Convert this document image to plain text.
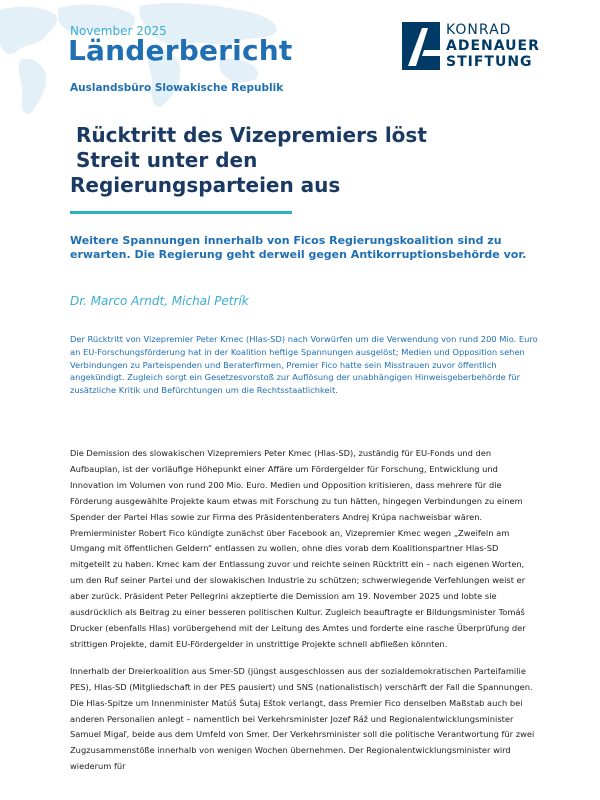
November 2025
Länderbericht
Auslandsbüro Slowakische Republik
KONRAD
ADENAUER
STIFTUNG
Rücktritt des Vizepremiers löst
Streit unter den
Regierungsparteien aus
Weitere Spannungen innerhalb von Ficos Regierungskoalition sind zu erwarten. Die Regierung geht derweil gegen Antikorruptionsbehörde vor.
Dr. Marco Arndt, Michal Petrík
Der Rücktritt von Vizepremier Peter Kmec (Hlas-SD) nach Vorwürfen um die Verwendung von rund 200 Mio. Euro an EU-Forschungsförderung hat in der Koalition heftige Spannungen ausgelöst; Medien und Opposition sehen Verbindungen zu Parteispenden und Beraterfirmen, Premier Fico hatte sein Misstrauen zuvor öffentlich angekündigt. Zugleich sorgt ein Gesetzesvorstoß zur Auflösung der unabhängigen Hinweisgeberbehörde für zusätzliche Kritik und Befürchtungen um die Rechtsstaatlichkeit.

Die Demission des slowakischen Vizepremiers Peter Kmec (Hlas-SD), zuständig für EU-Fonds und den Aufbauplan, ist der vorläufige Höhepunkt einer Affäre um Fördergelder für Forschung, Entwicklung und Innovation im Volumen von rund 200 Mio. Euro. Medien und Opposition kritisieren, dass mehrere für die Förderung ausgewählte Projekte kaum etwas mit Forschung zu tun hätten, hingegen Verbindungen zu einem Spender der Partei Hlas sowie zur Firma des Präsidentenberaters Andrej Krúpa nachweisbar wären. Premierminister Robert Fico kündigte zunächst über Facebook an, Vizepremier Kmec wegen „Zweifeln am Umgang mit öffentlichen Geldern“ entlassen zu wollen, ohne dies vorab dem Koalitionspartner Hlas-SD mitgeteilt zu haben. Kmec kam der Entlassung zuvor und reichte seinen Rücktritt ein – nach eigenen Worten, um den Ruf seiner Partei und der slowakischen Industrie zu schützen; schwerwiegende Verfehlungen weist er aber zurück. Präsident Peter Pellegrini akzeptierte die Demission am 19. November 2025 und lobte sie ausdrücklich als Beitrag zu einer besseren politischen Kultur. Zugleich beauftragte er Bildungsminister Tomáš Drucker (ebenfalls Hlas) vorübergehend mit der Leitung des Amtes und forderte eine rasche Überprüfung der strittigen Projekte, damit EU-Fördergelder in unstrittige Projekte schnell abfließen könnten.

Innerhalb der Dreierkoalition aus Smer-SD (jüngst ausgeschlossen aus der sozialdemokratischen Parteifamilie PES), Hlas-SD (Mitgliedschaft in der PES pausiert) und SNS (nationalistisch) verschärft der Fall die Spannungen. Die Hlas-Spitze um Innenminister Matúš Šutaj Eštok verlangt, dass Premier Fico denselben Maßstab auch bei anderen Personalien anlegt – namentlich bei Verkehrsminister Jozef Ráž und Regionalentwicklungsminister Samuel Migaľ, beide aus dem Umfeld von Smer. Der Verkehrsminister soll die politische Verantwortung für zwei Zugzusammenstöße innerhalb von wenigen Wochen übernehmen. Der Regionalentwicklungsminister wird wiederum für
